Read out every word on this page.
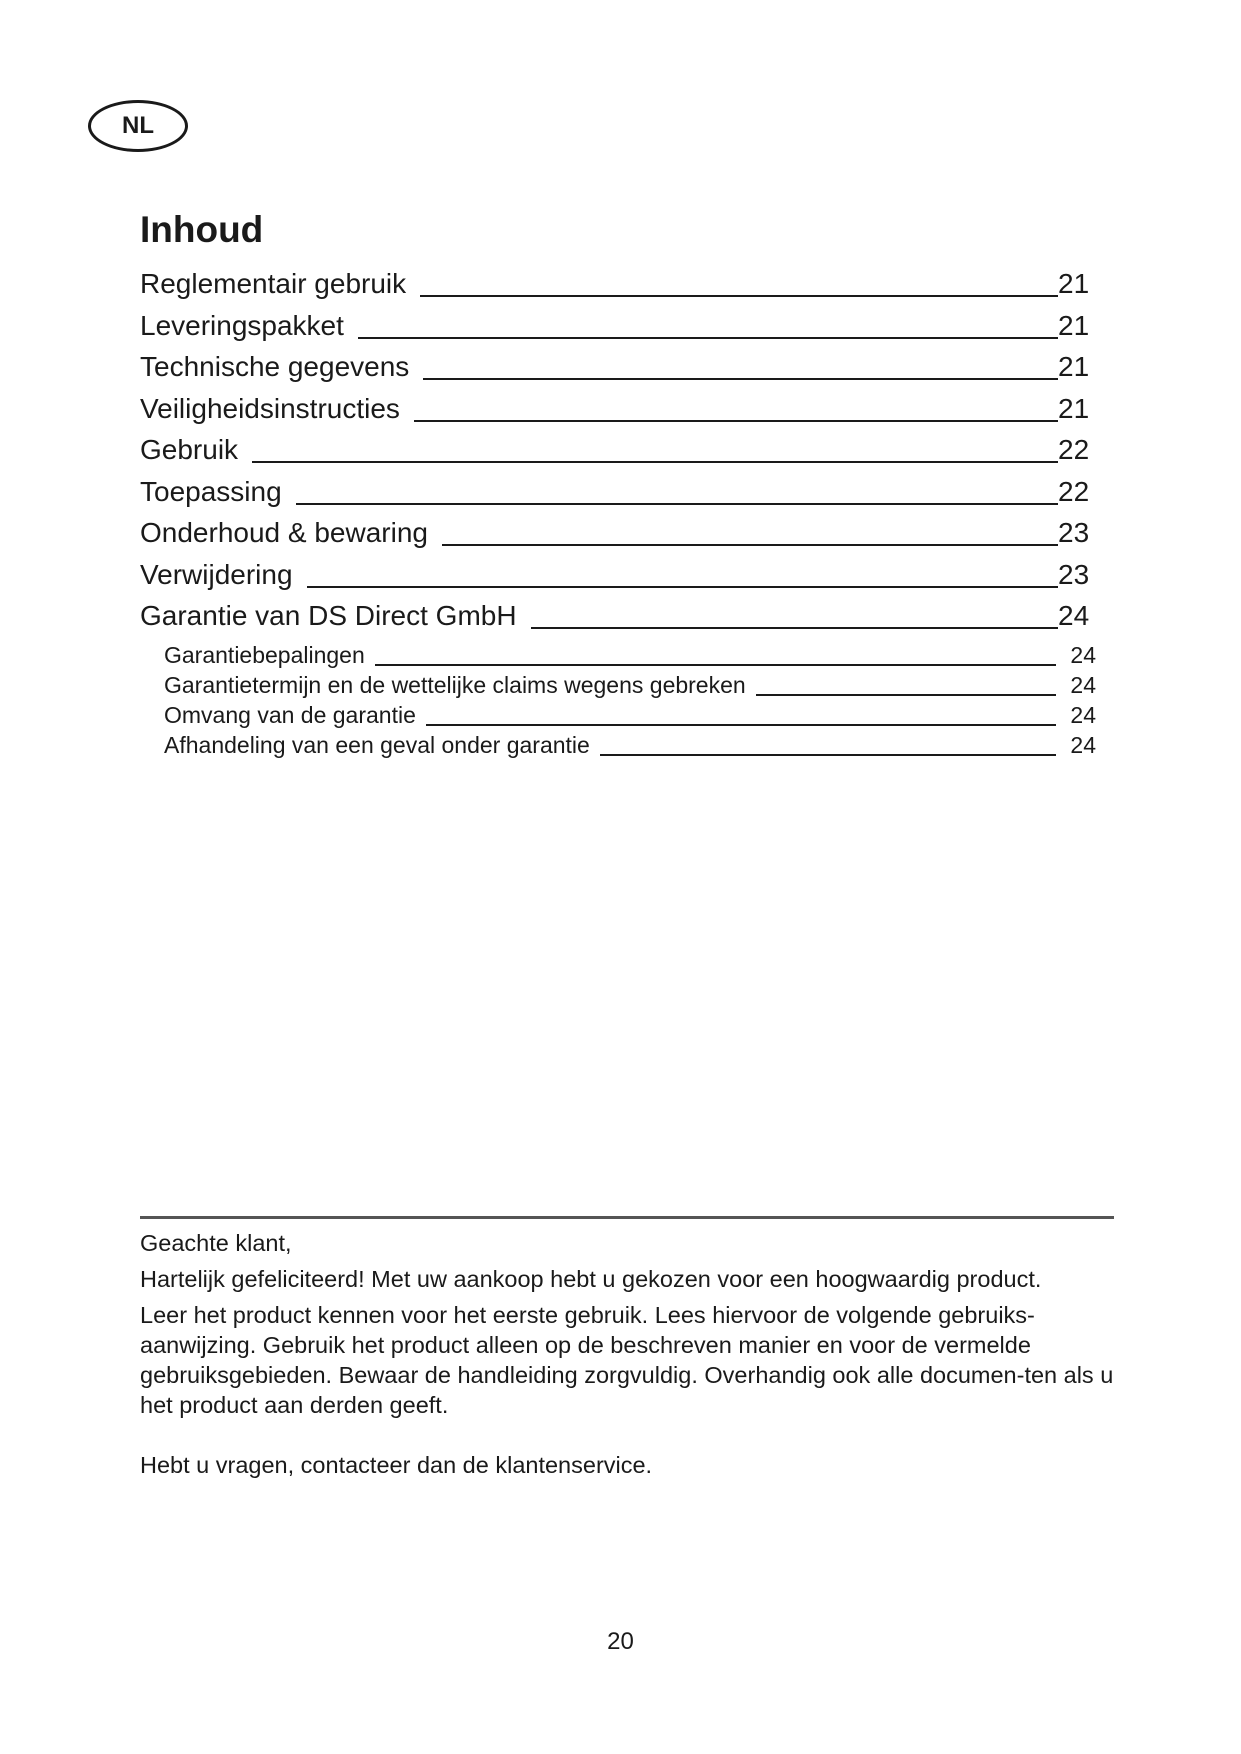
NL
Inhoud
Reglementair gebruik	21
Leveringspakket	21
Technische gegevens	21
Veiligheidsinstructies	21
Gebruik	22
Toepassing	22
Onderhoud & bewaring	23
Verwijdering	23
Garantie van DS Direct GmbH	24
Garantiebepalingen	24
Garantietermijn en de wettelijke claims wegens gebreken	24
Omvang van de garantie	24
Afhandeling van een geval onder garantie	24

Geachte klant,

Hartelijk gefeliciteerd! Met uw aankoop hebt u gekozen voor een hoogwaardig product.

Leer het product kennen voor het eerste gebruik. Lees hiervoor de volgende gebruiks-aanwijzing. Gebruik het product alleen op de beschreven manier en voor de vermelde gebruiksgebieden. Bewaar de handleiding zorgvuldig. Overhandig ook alle documen-ten als u het product aan derden geeft.

Hebt u vragen, contacteer dan de klantenservice.

20
